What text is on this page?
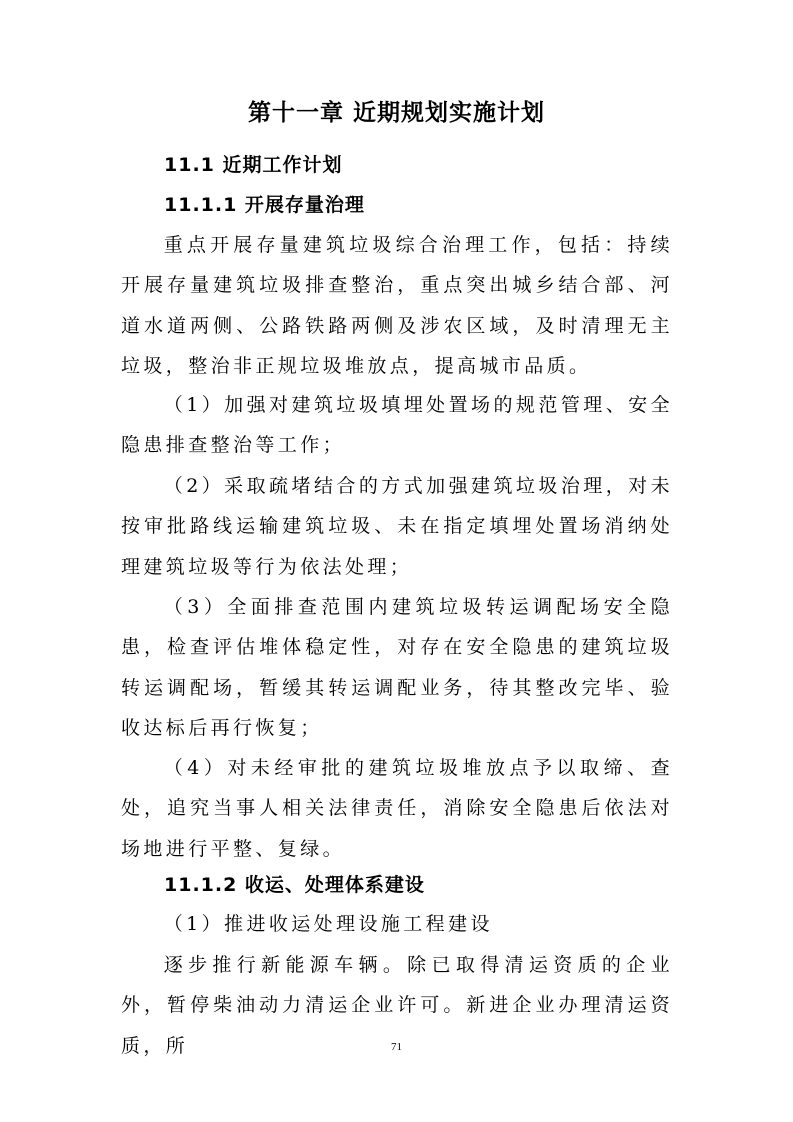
第十一章 近期规划实施计划
11.1 近期工作计划
11.1.1 开展存量治理

重点开展存量建筑垃圾综合治理工作，包括：持续开展存量建筑垃圾排查整治，重点突出城乡结合部、河道水道两侧、公路铁路两侧及涉农区域，及时清理无主垃圾，整治非正规垃圾堆放点，提高城市品质。

（1）加强对建筑垃圾填埋处置场的规范管理、安全隐患排查整治等工作；

（2）采取疏堵结合的方式加强建筑垃圾治理，对未按审批路线运输建筑垃圾、未在指定填埋处置场消纳处理建筑垃圾等行为依法处理；

（3）全面排查范围内建筑垃圾转运调配场安全隐患，检查评估堆体稳定性，对存在安全隐患的建筑垃圾转运调配场，暂缓其转运调配业务，待其整改完毕、验收达标后再行恢复；

（4）对未经审批的建筑垃圾堆放点予以取缔、查处，追究当事人相关法律责任，消除安全隐患后依法对场地进行平整、复绿。

11.1.2 收运、处理体系建设

（1）推进收运处理设施工程建设

逐步推行新能源车辆。除已取得清运资质的企业外，暂停柴油动力清运企业许可。新进企业办理清运资质，所	71
